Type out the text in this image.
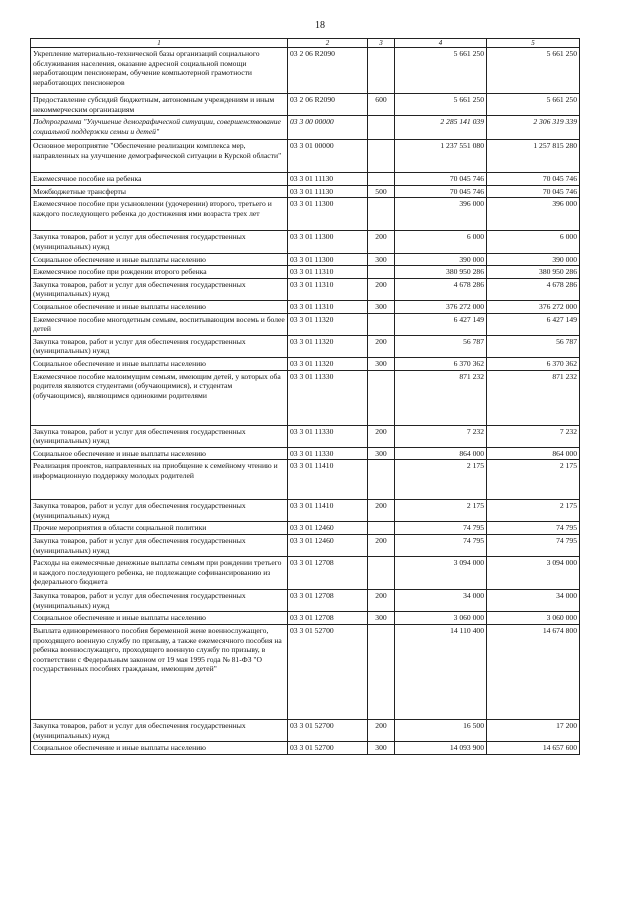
18
1	2	3	4	5
Укрепление материально-технической базы организаций социального обслуживания населения, оказание адресной социальной помощи неработающим пенсионерам, обучение компьютерной грамотности неработающих пенсионеров	03 2 06 R2090		5 661 250	5 661 250
Предоставление субсидий бюджетным, автономным учреждениям и иным некоммерческим организациям	03 2 06 R2090	600	5 661 250	5 661 250
Подпрограмма "Улучшение демографической ситуации, совершенствование социальной поддержки семьи и детей"	03 3 00 00000		2 285 141 039	2 306 319 339
Основное мероприятие "Обеспечение реализации комплекса мер, направленных на улучшение демографической ситуации в Курской области"	03 3 01 00000		1 237 551 080	1 257 815 280
Ежемесячное пособие на ребенка	03 3 01 11130		70 045 746	70 045 746
Межбюджетные трансферты	03 3 01 11130	500	70 045 746	70 045 746
Ежемесячное пособие при усыновлении (удочерении) второго, третьего и каждого последующего ребенка до достижения ими возраста трех лет	03 3 01 11300		396 000	396 000
Закупка товаров, работ и услуг для обеспечения государственных (муниципальных) нужд	03 3 01 11300	200	6 000	6 000
Социальное обеспечение и иные выплаты населению	03 3 01 11300	300	390 000	390 000
Ежемесячное пособие при рождении второго ребенка	03 3 01 11310		380 950 286	380 950 286
Закупка товаров, работ и услуг для обеспечения государственных (муниципальных) нужд	03 3 01 11310	200	4 678 286	4 678 286
Социальное обеспечение и иные выплаты населению	03 3 01 11310	300	376 272 000	376 272 000
Ежемесячное пособие многодетным семьям, воспитывающим восемь и более детей	03 3 01 11320		6 427 149	6 427 149
Закупка товаров, работ и услуг для обеспечения государственных (муниципальных) нужд	03 3 01 11320	200	56 787	56 787
Социальное обеспечение и иные выплаты населению	03 3 01 11320	300	6 370 362	6 370 362
Ежемесячное пособие малоимущим семьям, имеющим детей, у которых оба родителя являются студентами (обучающимися), и студентам (обучающимся), являющимся одинокими родителями	03 3 01 11330		871 232	871 232
Закупка товаров, работ и услуг для обеспечения государственных (муниципальных) нужд	03 3 01 11330	200	7 232	7 232
Социальное обеспечение и иные выплаты населению	03 3 01 11330	300	864 000	864 000
Реализация проектов, направленных на приобщение к семейному чтению и информационную поддержку молодых родителей	03 3 01 11410		2 175	2 175
Закупка товаров, работ и услуг для обеспечения государственных (муниципальных) нужд	03 3 01 11410	200	2 175	2 175
Прочие мероприятия в области социальной политики	03 3 01 12460		74 795	74 795
Закупка товаров, работ и услуг для обеспечения государственных (муниципальных) нужд	03 3 01 12460	200	74 795	74 795
Расходы на ежемесячные денежные выплаты семьям при рождении третьего и каждого последующего ребенка, не подлежащие софинансированию из федерального бюджета	03 3 01 12708		3 094 000	3 094 000
Закупка товаров, работ и услуг для обеспечения государственных (муниципальных) нужд	03 3 01 12708	200	34 000	34 000
Социальное обеспечение и иные выплаты населению	03 3 01 12708	300	3 060 000	3 060 000
Выплата единовременного пособия беременной жене военнослужащего, проходящего военную службу по призыву, а также ежемесячного пособия на ребенка военнослужащего, проходящего военную службу по призыву, в соответствии с Федеральным законом от 19 мая 1995 года № 81-ФЗ "О государственных пособиях гражданам, имеющим детей"	03 3 01 52700		14 110 400	14 674 800
Закупка товаров, работ и услуг для обеспечения государственных (муниципальных) нужд	03 3 01 52700	200	16 500	17 200
Социальное обеспечение и иные выплаты населению	03 3 01 52700	300	14 093 900	14 657 600
